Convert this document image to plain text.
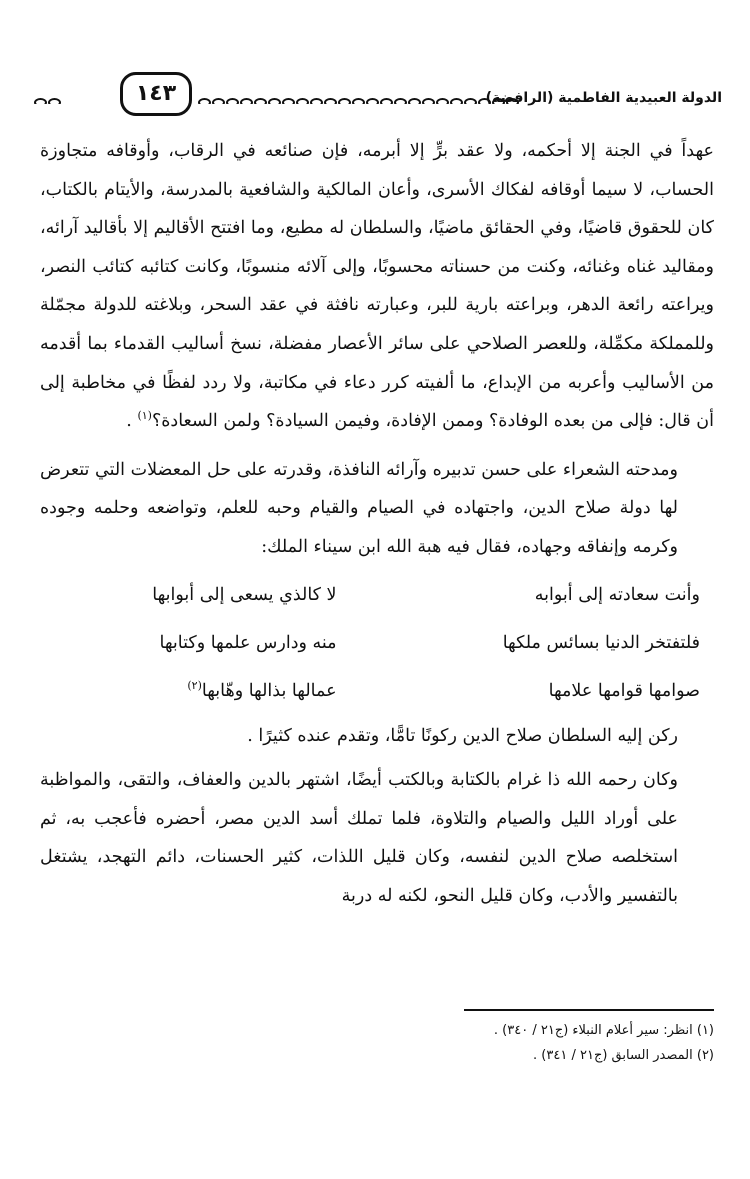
١٤٣	الدولة العبيدية الفاطمية (الرافضة)

عهداً في الجنة إلا أحكمه، ولا عقد برٍّ إلا أبرمه، فإن صنائعه في الرقاب، وأوقافه متجاوزة الحساب، لا سيما أوقافه لفكاك الأسرى، وأعان المالكية والشافعية بالمدرسة، والأيتام بالكتاب، كان للحقوق قاضيًا، وفي الحقائق ماضيًا، والسلطان له مطيع، وما افتتح الأقاليم إلا بأقاليد آرائه، ومقاليد غناه وغنائه، وكنت من حسناته محسوبًا، وإلى آلائه منسوبًا، وكانت كتائبه كتائب النصر، ويراعته رائعة الدهر، وبراعته بارية للبر، وعبارته نافثة في عقد السحر، وبلاغته للدولة مجمّلة وللمملكة مكمِّلة، وللعصر الصلاحي على سائر الأعصار مفضلة، نسخ أساليب القدماء بما أقدمه من الأساليب وأعربه من الإبداع، ما ألفيته كرر دعاء في مكاتبة، ولا ردد لفظًا في مخاطبة إلى أن قال: فإلى من بعده الوفادة؟ وممن الإفادة، وفيمن السيادة؟ ولمن السعادة؟$^{(١)}$ .

ومدحته الشعراء على حسن تدبيره وآرائه النافذة، وقدرته على حل المعضلات التي تتعرض لها دولة صلاح الدين، واجتهاده في الصيام والقيام وحبه للعلم، وتواضعه وحلمه وجوده وكرمه وإنفاقه وجهاده، فقال فيه هبة الله ابن سيناء الملك:

وأنت سعادته إلى أبوابه
لا كالذي يسعى إلى أبوابها
فلتفتخر الدنيا بسائس ملكها
منه ودارس علمها وكتابها
صوامها قوامها علامها
عمالها بذالها وهّابها$^{(٢)}$

ركن إليه السلطان صلاح الدين ركونًا تامًّا، وتقدم عنده كثيرًا .

وكان رحمه الله ذا غرام بالكتابة وبالكتب أيضًا، اشتهر بالدين والعفاف، والتقى، والمواظبة على أوراد الليل والصيام والتلاوة، فلما تملك أسد الدين مصر، أحضره فأعجب به، ثم استخلصه صلاح الدين لنفسه، وكان قليل اللذات، كثير الحسنات، دائم التهجد، يشتغل بالتفسير والأدب، وكان قليل النحو، لكنه له دربة

(١) انظر: سير أعلام النبلاء (ج٢١ / ٣٤٠) .
(٢) المصدر السابق (ج٢١ / ٣٤١) .
